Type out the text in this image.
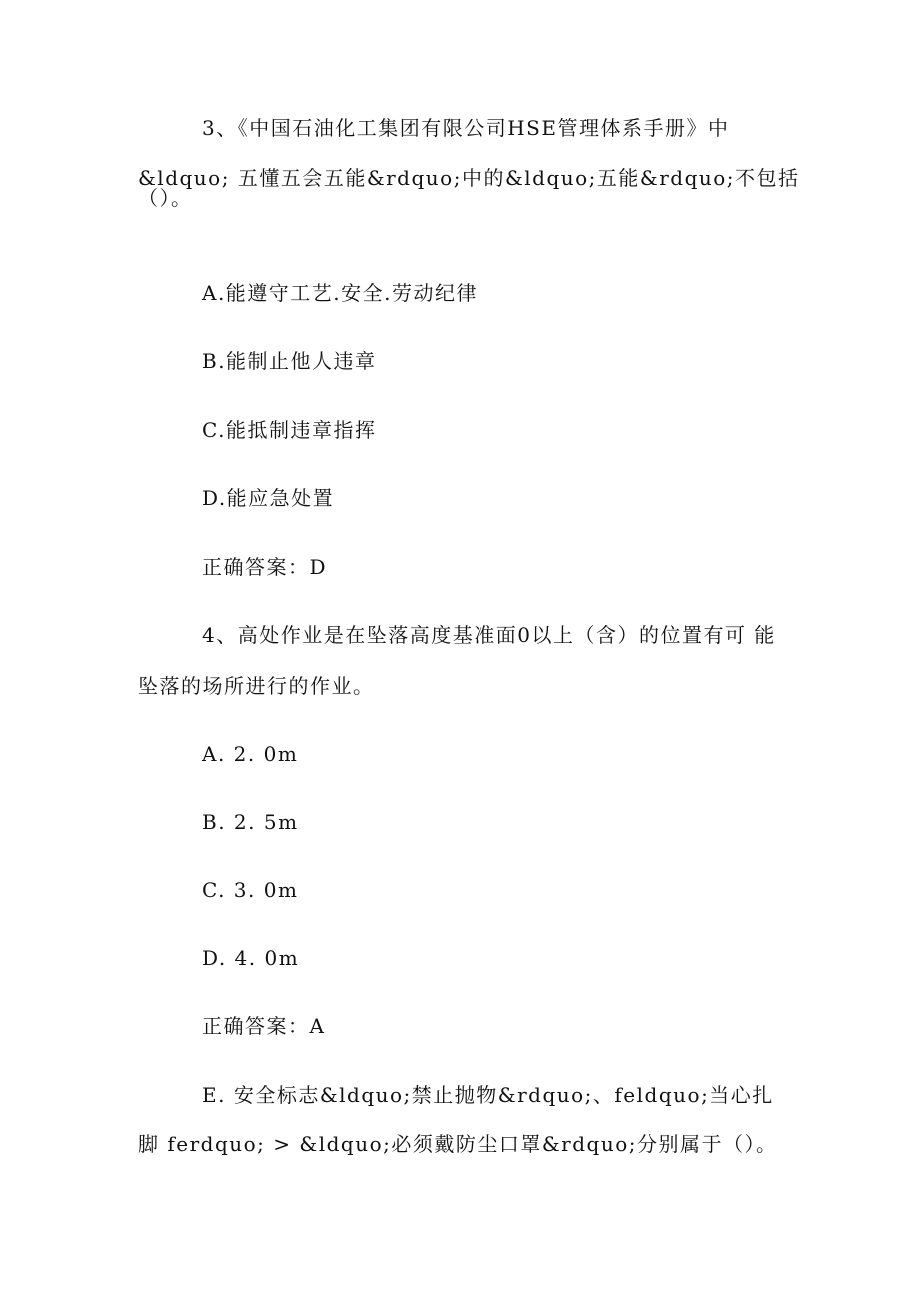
3、《中国石油化工集团有限公司HSE管理体系手册》中
&ldquo; 五懂五会五能&rdquo;中的&ldquo;五能&rdquo;不包括
（）。
A.能遵守工艺.安全.劳动纪律
B.能制止他人违章
C.能抵制违章指挥
D.能应急处置
正确答案：D
4、高处作业是在坠落高度基准面0以上（含）的位置有可 能
坠落的场所进行的作业。
A. 2. 0m
B. 2. 5m
C. 3. 0m
D. 4. 0m
正确答案：A
E. 安全标志&ldquo;禁止抛物&rdquo;、feldquo;当心扎
脚 ferdquo; > &ldquo;必须戴防尘口罩&rdquo;分别属于（）。
